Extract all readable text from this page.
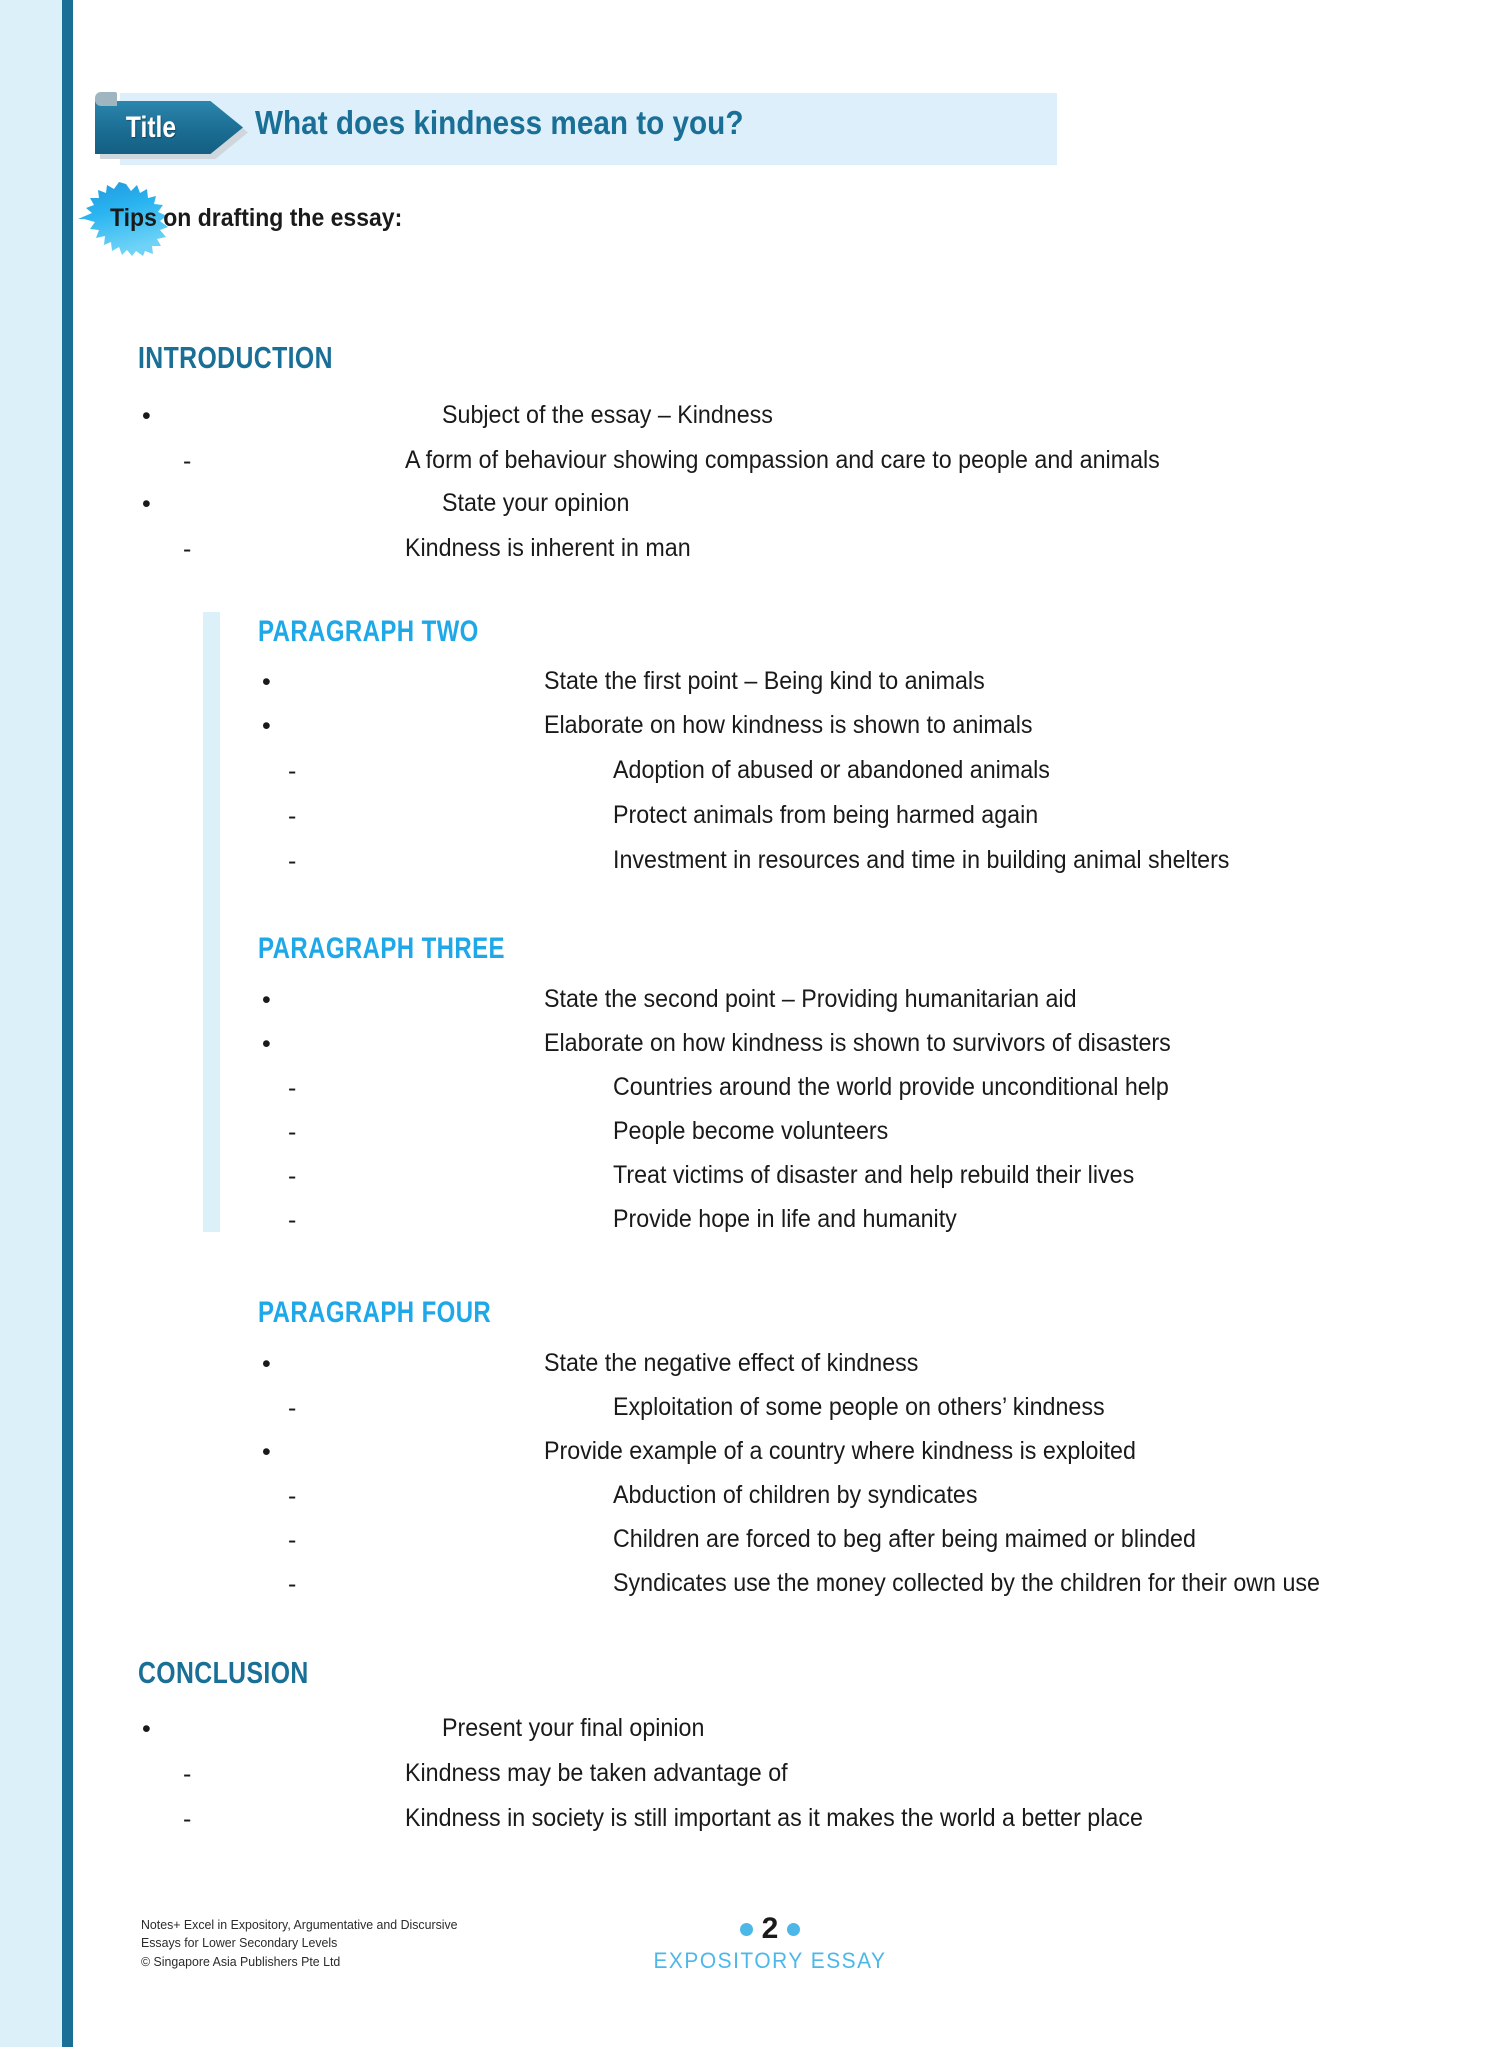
Title	What does kindness mean to you?
Tips on drafting the essay:
INTRODUCTION
•	Subject of the essay – Kindness
-	A form of behaviour showing compassion and care to people and animals
•	State your opinion
-	Kindness is inherent in man
PARAGRAPH TWO
•	State the first point – Being kind to animals
•	Elaborate on how kindness is shown to animals
-	Adoption of abused or abandoned animals
-	Protect animals from being harmed again
-	Investment in resources and time in building animal shelters
PARAGRAPH THREE
•	State the second point – Providing humanitarian aid
•	Elaborate on how kindness is shown to survivors of disasters
-	Countries around the world provide unconditional help
-	People become volunteers
-	Treat victims of disaster and help rebuild their lives
-	Provide hope in life and humanity
PARAGRAPH FOUR
•	State the negative effect of kindness
-	Exploitation of some people on others’ kindness
•	Provide example of a country where kindness is exploited
-	Abduction of children by syndicates
-	Children are forced to beg after being maimed or blinded
-	Syndicates use the money collected by the children for their own use
CONCLUSION
•	Present your final opinion
-	Kindness may be taken advantage of
-	Kindness in society is still important as it makes the world a better place
Notes+ Excel in Expository, Argumentative and Discursive
Essays for Lower Secondary Levels
© Singapore Asia Publishers Pte Ltd
2
EXPOSITORY ESSAY
